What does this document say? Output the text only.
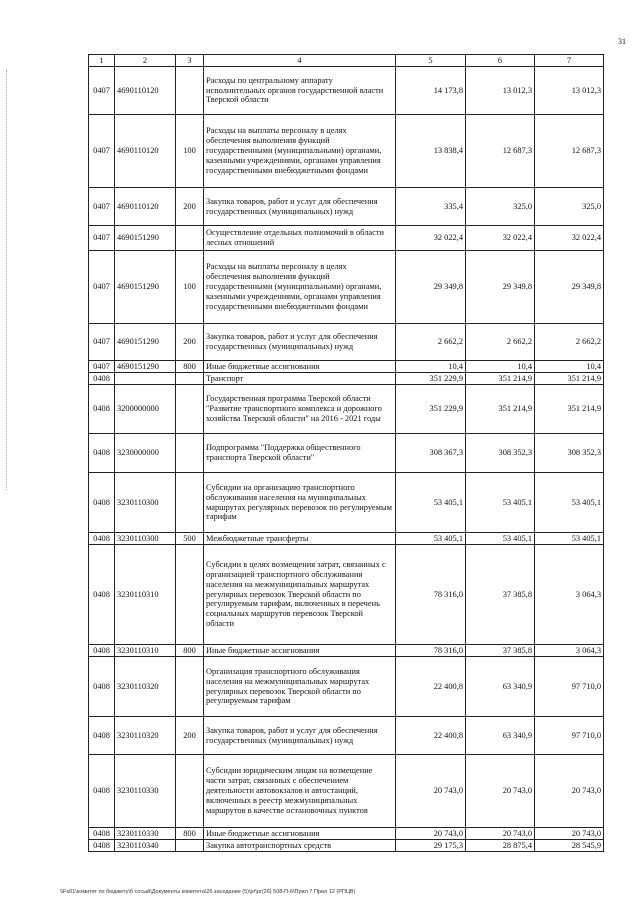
31
1	2	3	4	5	6	7
0407	4690110120		Расходы по центральному аппарату исполнительных органов государственной власти Тверской области	14 173,8	13 012,3	13 012,3
0407	4690110120	100	Расходы на выплаты персоналу в целях обеспечения выполнения функций государственными (муниципальными) органами, казенными учреждениями, органами управления государственными внебюджетными фондами	13 838,4	12 687,3	12 687,3
0407	4690110120	200	Закупка товаров, работ и услуг для обеспечения государственных (муниципальных) нужд	335,4	325,0	325,0
0407	4690151290		Осуществление отдельных полномочий в области лесных отношений	32 022,4	32 022,4	32 022,4
0407	4690151290	100	Расходы на выплаты персоналу в целях обеспечения выполнения функций государственными (муниципальными) органами, казенными учреждениями, органами управления государственными внебюджетными фондами	29 349,8	29 349,8	29 349,8
0407	4690151290	200	Закупка товаров, работ и услуг для обеспечения государственных (муниципальных) нужд	2 662,2	2 662,2	2 662,2
0407	4690151290	800	Иные бюджетные ассигнования	10,4	10,4	10,4
0408			Транспорт	351 229,9	351 214,9	351 214,9
0408	3200000000		Государственная программа Тверской области "Развитие транспортного комплекса и дорожного хозяйства Тверской области" на 2016 - 2021 годы	351 229,9	351 214,9	351 214,9
0408	3230000000		Подпрограмма "Поддержка общественного транспорта Тверской области"	308 367,3	308 352,3	308 352,3
0408	3230110300		Субсидии на организацию транспортного обслуживания населения на муниципальных маршрутах регулярных перевозок по регулируемым тарифам	53 405,1	53 405,1	53 405,1
0408	3230110300	500	Межбюджетные трансферты	53 405,1	53 405,1	53 405,1
0408	3230110310		Субсидии в целях возмещения затрат, связанных с организацией транспортного обслуживания населения на межмуниципальных маршрутах регулярных перевозок Тверской области по регулируемым тарифам, включенных в перечень социальных маршрутов перевозок Тверской области	78 316,0	37 385,8	3 064,3
0408	3230110310	800	Иные бюджетные ассигнования	78 316,0	37 385,8	3 064,3
0408	3230110320		Организация транспортного обслуживания населения на межмуниципальных маршрутах регулярных перевозок Тверской области по регулируемым тарифам	22 400,8	63 340,9	97 710,0
0408	3230110320	200	Закупка товаров, работ и услуг для обеспечения государственных (муниципальных) нужд	22 400,8	63 340,9	97 710,0
0408	3230110330		Субсидии юридическим лицам на возмещение части затрат, связанных с обеспечением деятельности автовокзалов и автостанций, включенных в реестр межмуниципальных маршрутов в качестве остановочных пунктов	20 743,0	20 743,0	20 743,0
0408	3230110330	800	Иные бюджетные ассигнования	20 743,0	20 743,0	20 743,0
0408	3230110340		Закупка автотранспортных средств	29 175,3	28 875,4	28 545,9
\\Fs01\комитет по бюджету\б сосый\Документы комитета\26 заседание (5)\pr\pr(26) 508-П-6\Прил 7 Прил 12 (РПЦВ)
